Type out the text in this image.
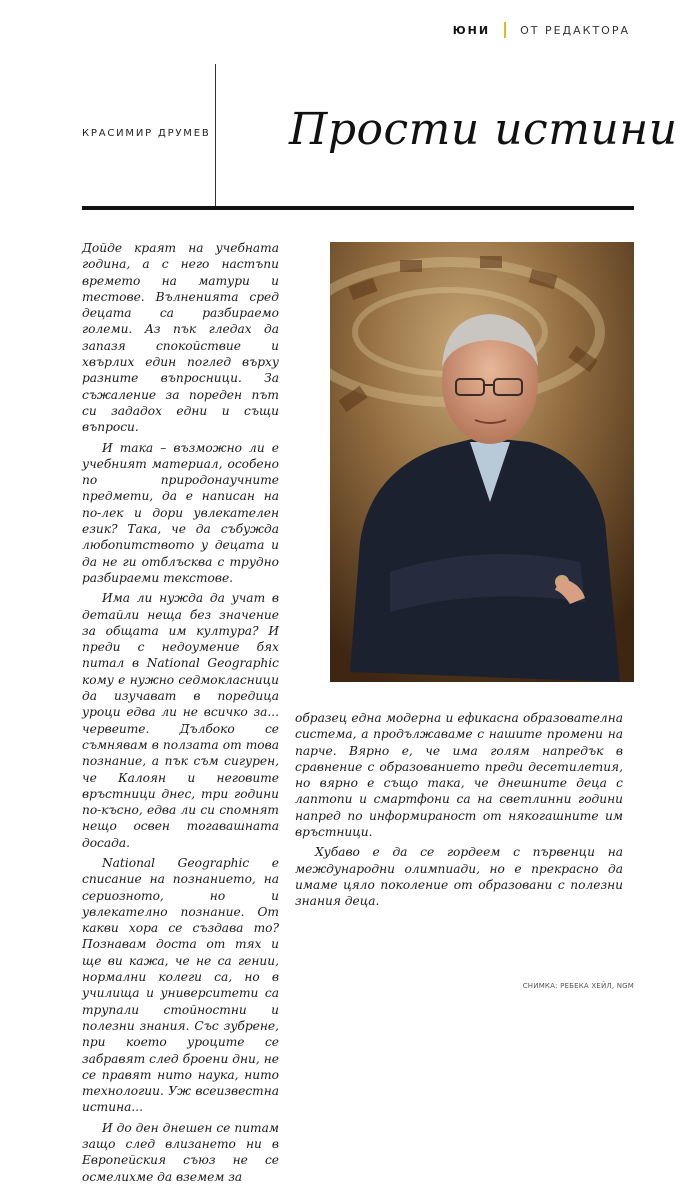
ЮНИ	ОТ РЕДАКТОРА
КРАСИМИР ДРУМЕВ Прости истини

Дойде краят на учебната година, а с него настъпи времето на матури и тестове. Вълненията сред децата са разбираемо големи. Аз пък гледах да запазя спокойствие и хвърлих един поглед върху разните въпросници. За съжаление за пореден път си зададох едни и същи въпроси.

И така – възможно ли е учебният материал, особено по природонаучните предмети, да е написан на по-лек и дори увлекателен език? Така, че да събужда любопитството у децата и да не ги отблъсква с трудно разбираеми текстове.

Има ли нужда да учат в детайли неща без значение за общата им култура? И преди с недоумение бях питал в National Geographic кому е нужно седмокласници да изучават в поредица уроци едва ли не всичко за... червеите. Дълбоко се съмнявам в ползата от това познание, а пък съм сигурен, че Калоян и неговите връстници днес, три години по-късно, едва ли си спомнят нещо освен тогавашната досада.

National Geographic е списание на познанието, на сериозното, но и увлекателно познание. От какви хора се създава то? Познавам доста от тях и ще ви кажа, че не са гении, нормални колеги са, но в училища и университети са трупали стойностни и полезни знания. Със зубрене, при което уроците се забравят след броени дни, не се правят нито наука, нито технологии. Уж всеизвестна истина...

И до ден днешен се питам защо след влизането ни в Европейския съюз не се осмелихме да вземем за

образец една модерна и ефикасна образователна система, а продължаваме с нашите промени на парче. Вярно е, че има голям напредък в сравнение с образованието преди десетилетия, но вярно е също така, че днешните деца с лаптопи и смартфони са на светлинни години напред по информираност от някогашните им връстници.

Хубаво е да се гордеем с първенци на международни олимпиади, но е прекрасно да имаме цяло поколение от образовани с полезни знания деца.

СНИМКА: РЕБЕКА ХЕЙЛ, NGM
